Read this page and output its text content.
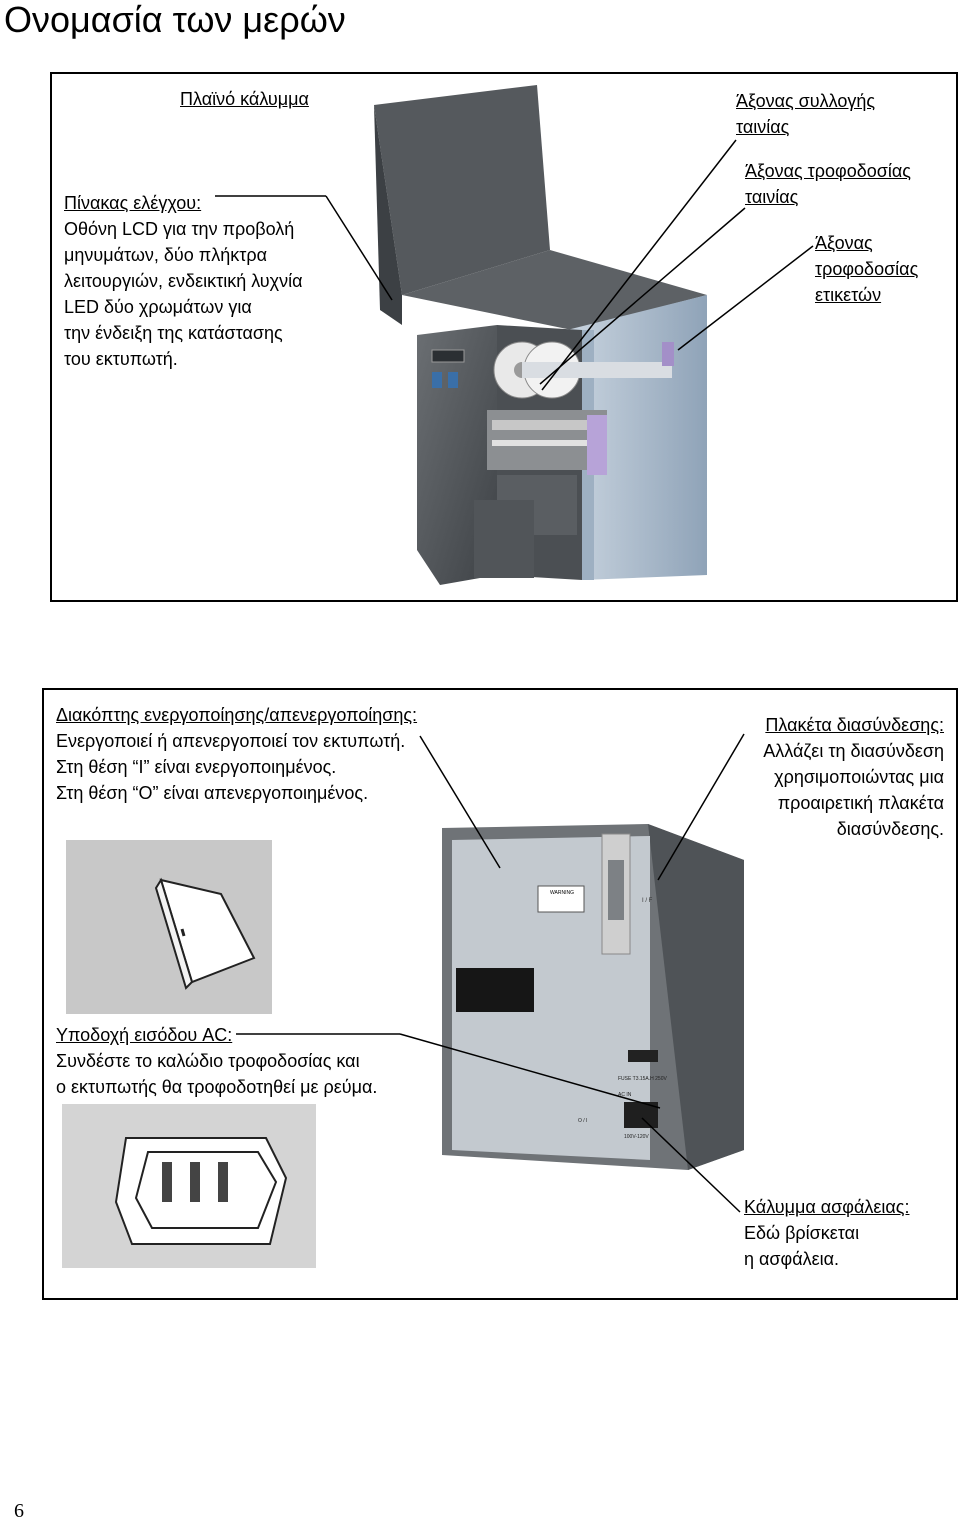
Ονομασία των μερών
Πλαϊνό κάλυμμα
Πίνακας ελέγχου:
Οθόνη LCD για την προβολή
μηνυμάτων, δύο πλήκτρα
λειτουργιών, ενδεικτική λυχνία
LED δύο χρωμάτων για
την ένδειξη της κατάστασης
του εκτυπωτή.
Άξονας συλλογής
ταινίας
Άξονας τροφοδοσίας
ταινίας
Άξονας
τροφοδοσίας
ετικετών
I / F
WARNING
FUSE T3.15A.H 250V
AC IN
O / I
100V-120V
Διακόπτης ενεργοποίησης/απενεργοποίησης:
Ενεργοποιεί ή απενεργοποιεί τον εκτυπωτή.
Στη θέση “I” είναι ενεργοποιημένος.
Στη θέση “O” είναι απενεργοποιημένος.
Πλακέτα διασύνδεσης:
Αλλάζει τη διασύνδεση
χρησιμοποιώντας μια
προαιρετική πλακέτα
διασύνδεσης.
Υποδοχή εισόδου AC:
Συνδέστε το καλώδιο τροφοδοσίας και
ο εκτυπωτής θα τροφοδοτηθεί με ρεύμα.
Κάλυμμα ασφάλειας:
Εδώ βρίσκεται
η ασφάλεια.
6
